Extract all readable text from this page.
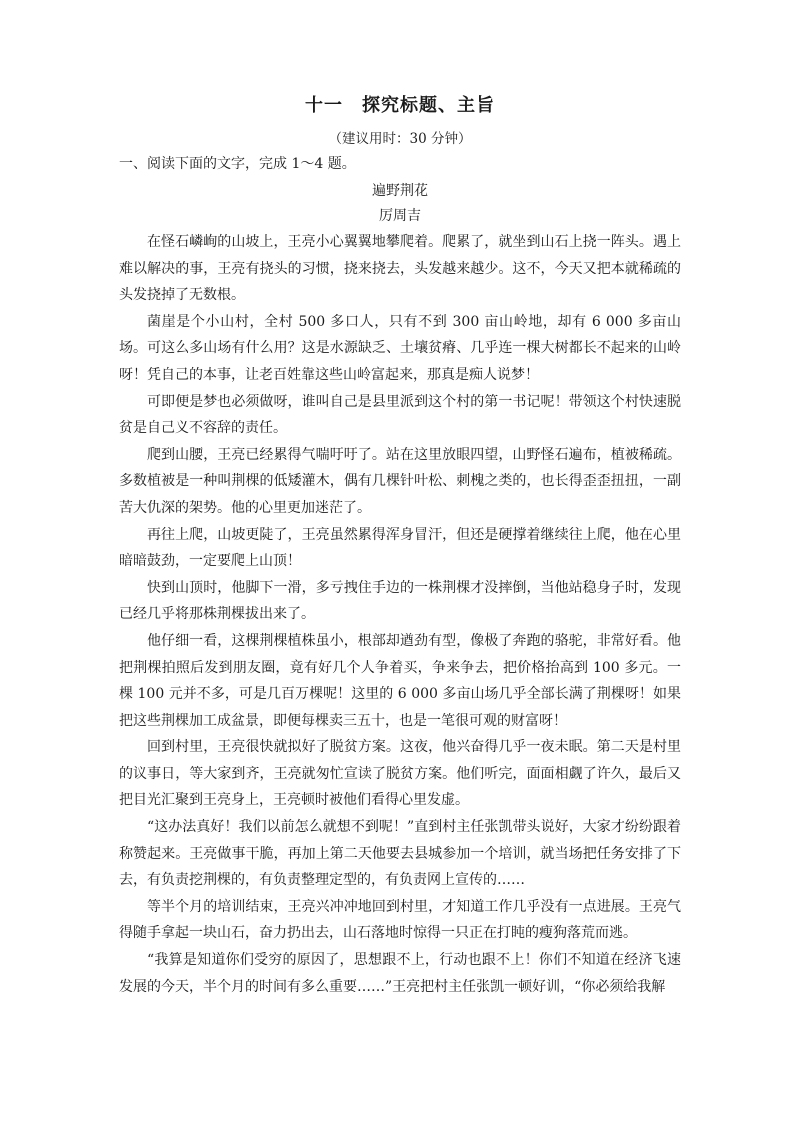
十一　探究标题、主旨

（建议用时：30 分钟）

一、阅读下面的文字，完成 1～4 题。

遍野荆花

厉周吉

在怪石嶙峋的山坡上，王亮小心翼翼地攀爬着。爬累了，就坐到山石上挠一阵头。遇上难以解决的事，王亮有挠头的习惯，挠来挠去，头发越来越少。这不，今天又把本就稀疏的头发挠掉了无数根。

菌崖是个小山村，全村 500 多口人，只有不到 300 亩山岭地，却有 6 000 多亩山场。可这么多山场有什么用？这是水源缺乏、土壤贫瘠、几乎连一棵大树都长不起来的山岭呀！凭自己的本事，让老百姓靠这些山岭富起来，那真是痴人说梦！

可即便是梦也必须做呀，谁叫自己是县里派到这个村的第一书记呢！带领这个村快速脱贫是自己义不容辞的责任。

爬到山腰，王亮已经累得气喘吁吁了。站在这里放眼四望，山野怪石遍布，植被稀疏。多数植被是一种叫荆棵的低矮灌木，偶有几棵针叶松、刺槐之类的，也长得歪歪扭扭，一副苦大仇深的架势。他的心里更加迷茫了。

再往上爬，山坡更陡了，王亮虽然累得浑身冒汗，但还是硬撑着继续往上爬，他在心里暗暗鼓劲，一定要爬上山顶！

快到山顶时，他脚下一滑，多亏拽住手边的一株荆棵才没摔倒，当他站稳身子时，发现已经几乎将那株荆棵拔出来了。

他仔细一看，这棵荆棵植株虽小，根部却遒劲有型，像极了奔跑的骆驼，非常好看。他把荆棵拍照后发到朋友圈，竟有好几个人争着买，争来争去，把价格抬高到 100 多元。一棵 100 元并不多，可是几百万棵呢！这里的 6 000 多亩山场几乎全部长满了荆棵呀！如果把这些荆棵加工成盆景，即便每棵卖三五十，也是一笔很可观的财富呀！

回到村里，王亮很快就拟好了脱贫方案。这夜，他兴奋得几乎一夜未眠。第二天是村里的议事日，等大家到齐，王亮就匆忙宣读了脱贫方案。他们听完，面面相觑了许久，最后又把目光汇聚到王亮身上，王亮顿时被他们看得心里发虚。

“这办法真好！我们以前怎么就想不到呢！”直到村主任张凯带头说好，大家才纷纷跟着称赞起来。王亮做事干脆，再加上第二天他要去县城参加一个培训，就当场把任务安排了下去，有负责挖荆棵的，有负责整理定型的，有负责网上宣传的……

等半个月的培训结束，王亮兴冲冲地回到村里，才知道工作几乎没有一点进展。王亮气得随手拿起一块山石，奋力扔出去，山石落地时惊得一只正在打盹的瘦狗落荒而逃。

“我算是知道你们受穷的原因了，思想跟不上，行动也跟不上！你们不知道在经济飞速发展的今天，半个月的时间有多么重要……”王亮把村主任张凯一顿好训，“你必须给我解
